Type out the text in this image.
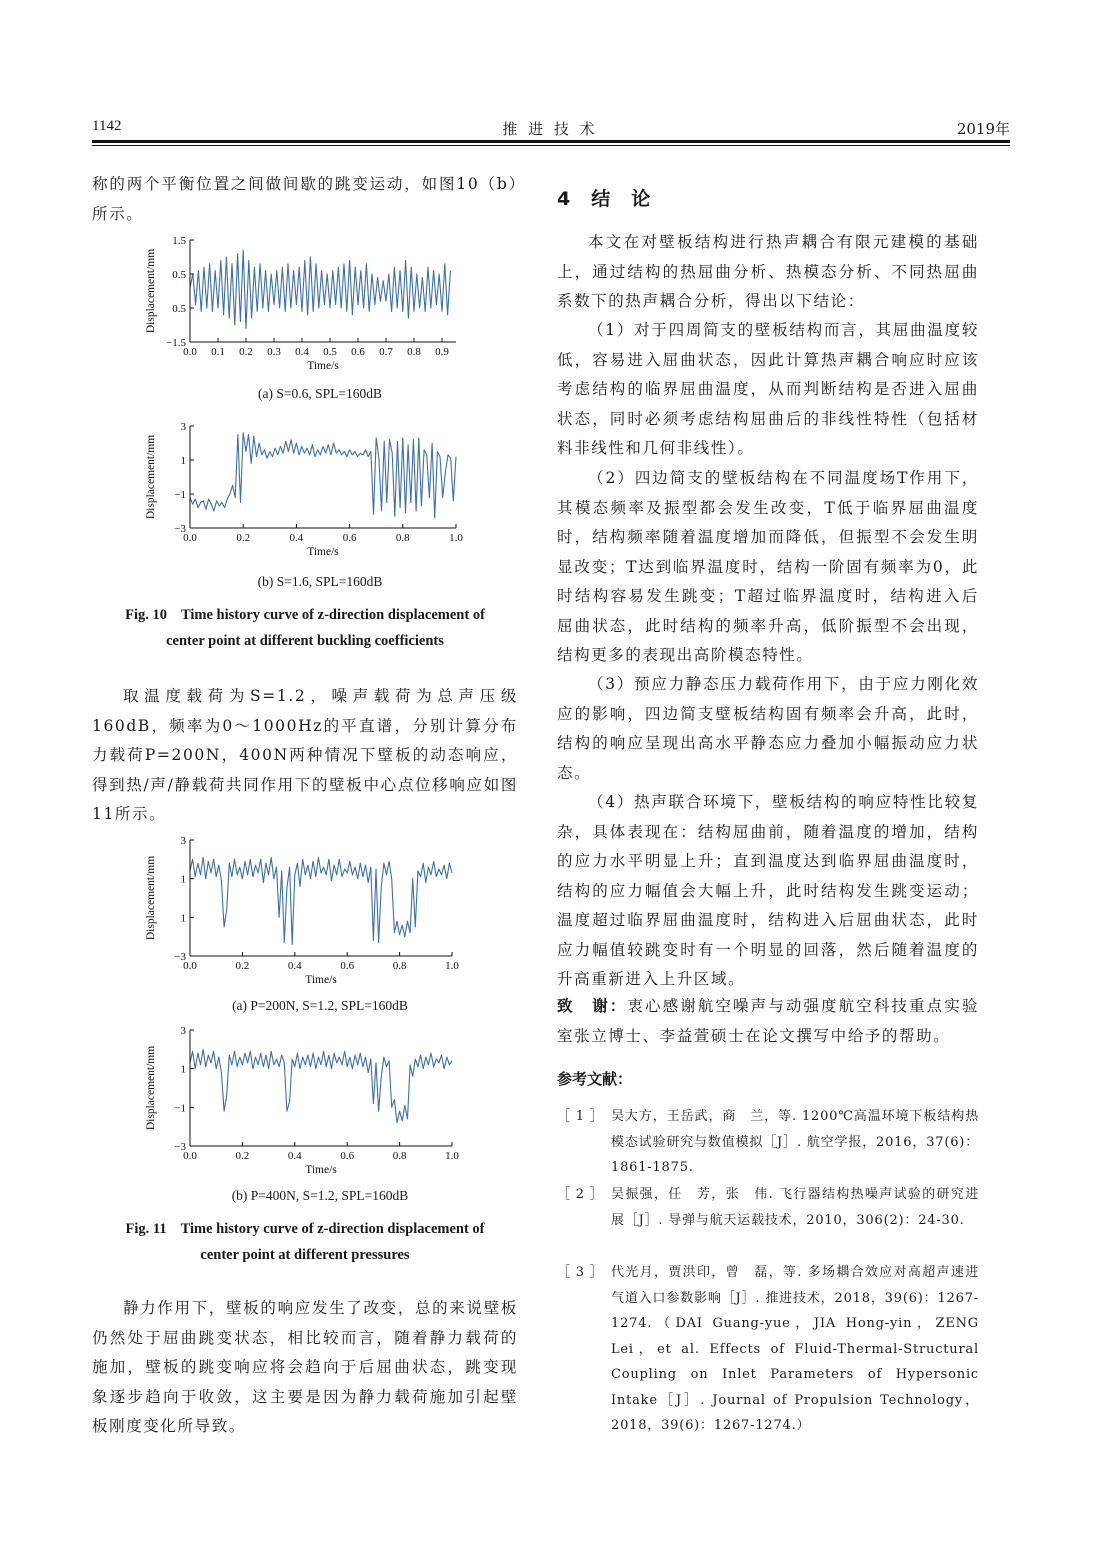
1142	推 进 技 术	2019年

称的两个平衡位置之间做间歇的跳变运动，如图10（b）所示。

0.0 0.1 0.2 0.3 0.4 0.5 0.6 0.7 0.8 0.9
1.5
0.5
0.5
−1.5
Time/s
Displacement/mm
(a) S=0.6, SPL=160dB
0.0	0.2	0.4	0.6	0.8	1.0
3
1
−1
−3
Time/s
Displacement/mm
(b) S=1.6, SPL=160dB
Fig. 10 Time history curve of z-direction displacement of
center point at different buckling coefficients

取温度载荷为S=1.2，噪声载荷为总声压级160dB，频率为0～1000Hz的平直谱，分别计算分布力载荷P=200N，400N两种情况下壁板的动态响应，得到热/声/静载荷共同作用下的壁板中心点位移响应如图11所示。

0.0	0.2	0.4	0.6	0.8	1.0
3
1
1
−3
Time/s
Displacement/mm
(a) P=200N, S=1.2, SPL=160dB
0.0	0.2	0.4	0.6	0.8	1.0
3
1
−1
−3
Time/s
Displacement/mm
(b) P=400N, S=1.2, SPL=160dB
Fig. 11 Time history curve of z-direction displacement of
center point at different pressures

静力作用下，壁板的响应发生了改变，总的来说壁板仍然处于屈曲跳变状态，相比较而言，随着静力载荷的施加，壁板的跳变响应将会趋向于后屈曲状态，跳变现象逐步趋向于收敛，这主要是因为静力载荷施加引起壁板刚度变化所导致。

4　结　论

本文在对壁板结构进行热声耦合有限元建模的基础上，通过结构的热屈曲分析、热模态分析、不同热屈曲系数下的热声耦合分析，得出以下结论：

（1）对于四周简支的壁板结构而言，其屈曲温度较低，容易进入屈曲状态，因此计算热声耦合响应时应该考虑结构的临界屈曲温度，从而判断结构是否进入屈曲状态，同时必须考虑结构屈曲后的非线性特性（包括材料非线性和几何非线性）。

（2）四边简支的壁板结构在不同温度场T作用下，其模态频率及振型都会发生改变，T低于临界屈曲温度时，结构频率随着温度增加而降低，但振型不会发生明显改变；T达到临界温度时，结构一阶固有频率为0，此时结构容易发生跳变；T超过临界温度时，结构进入后屈曲状态，此时结构的频率升高，低阶振型不会出现，结构更多的表现出高阶模态特性。

（3）预应力静态压力载荷作用下，由于应力刚化效应的影响，四边简支壁板结构固有频率会升高，此时，结构的响应呈现出高水平静态应力叠加小幅振动应力状态。

（4）热声联合环境下，壁板结构的响应特性比较复杂，具体表现在：结构屈曲前，随着温度的增加，结构的应力水平明显上升；直到温度达到临界屈曲温度时，结构的应力幅值会大幅上升，此时结构发生跳变运动；温度超过临界屈曲温度时，结构进入后屈曲状态，此时应力幅值较跳变时有一个明显的回落，然后随着温度的升高重新进入上升区域。

致　谢：衷心感谢航空噪声与动强度航空科技重点实验室张立博士、李益萱硕士在论文撰写中给予的帮助。

参考文献：
［ 1 ］ 吴大方，王岳武，商　兰，等. 1200℃高温环境下板结构热模态试验研究与数值模拟［J］. 航空学报，2016，37(6)：1861-1875.
［ 2 ］ 吴振强，任　芳，张　伟. 飞行器结构热噪声试验的研究进展［J］. 导弹与航天运载技术，2010，306(2)：24-30.
［ 3 ］ 代光月，贾洪印，曾　磊，等. 多场耦合效应对高超声速进气道入口参数影响［J］. 推进技术，2018，39(6)：1267-1274.（DAI Guang-yue，JIA Hong-yin，ZENG Lei，et al. Effects of Fluid-Thermal-Structural Coupling on Inlet Parameters of Hypersonic Intake［J］. Journal of Propulsion Technology，2018，39(6)：1267-1274.）
